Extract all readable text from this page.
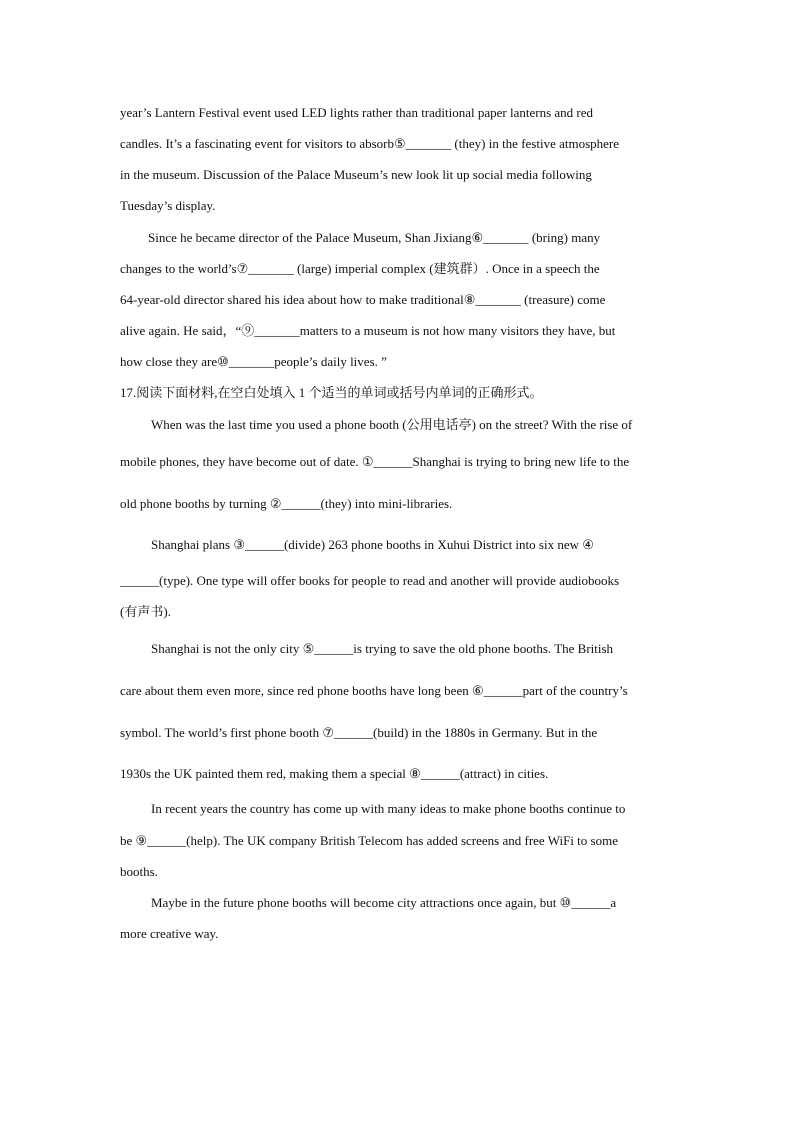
year’s Lantern Festival event used LED lights rather than traditional paper lanterns and red
candles. It’s a fascinating event for visitors to absorb⑤_______ (they) in the festive atmosphere
in the museum. Discussion of the Palace Museum’s new look lit up social media following
Tuesday’s display.
Since he became director of the Palace Museum, Shan Jixiang⑥_______ (bring) many
changes to the world’s⑦_______ (large) imperial complex (建筑群）. Once in a speech the
64-year-old director shared his idea about how to make traditional⑧_______ (treasure) come
alive again. He said，“⑨_______matters to a museum is not how many visitors they have, but
how close they are⑩_______people’s daily lives. ”
17.阅读下面材料,在空白处填入 1 个适当的单词或括号内单词的正确形式。
When was the last time you used a phone booth (公用电话亭) on the street? With the rise of
mobile phones, they have become out of date. ①______Shanghai is trying to bring new life to the
old phone booths by turning ②______(they) into mini-libraries.
Shanghai plans ③______(divide) 263 phone booths in Xuhui District into six new ④
______(type). One type will offer books for people to read and another will provide audiobooks
(有声书).
Shanghai is not the only city ⑤______is trying to save the old phone booths. The British
care about them even more, since red phone booths have long been ⑥______part of the country’s
symbol. The world’s first phone booth ⑦______(build) in the 1880s in Germany. But in the
1930s the UK painted them red, making them a special ⑧______(attract) in cities.
In recent years the country has come up with many ideas to make phone booths continue to
be ⑨______(help). The UK company British Telecom has added screens and free WiFi to some
booths.
Maybe in the future phone booths will become city attractions once again, but ⑩______a
more creative way.
